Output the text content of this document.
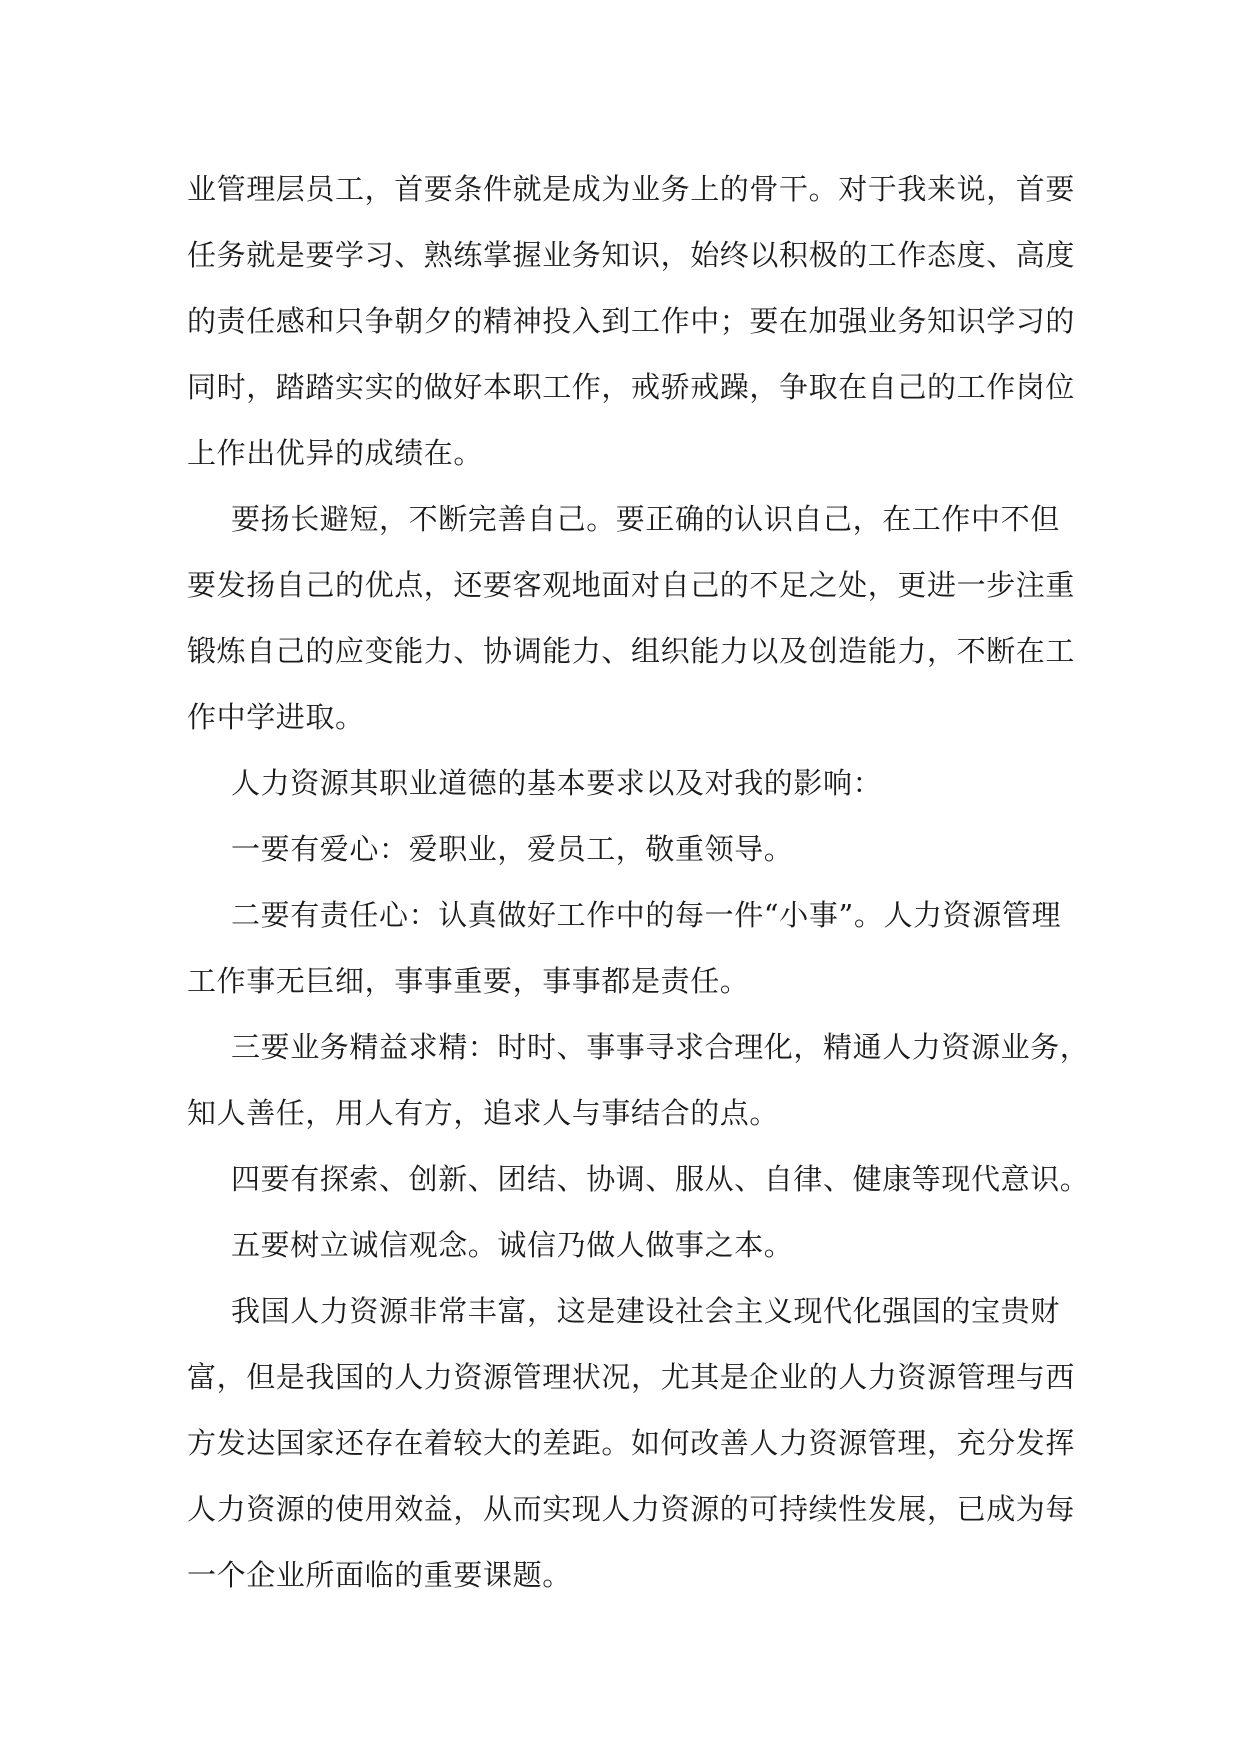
业管理层员工，首要条件就是成为业务上的骨干。对于我来说，首要
任务就是要学习、熟练掌握业务知识，始终以积极的工作态度、高度
的责任感和只争朝夕的精神投入到工作中；要在加强业务知识学习的
同时，踏踏实实的做好本职工作，戒骄戒躁，争取在自己的工作岗位
上作出优异的成绩在。
要扬长避短，不断完善自己。要正确的认识自己，在工作中不但
要发扬自己的优点，还要客观地面对自己的不足之处，更进一步注重
锻炼自己的应变能力、协调能力、组织能力以及创造能力，不断在工
作中学进取。
人力资源其职业道德的基本要求以及对我的影响：
一要有爱心：爱职业，爱员工，敬重领导。
二要有责任心：认真做好工作中的每一件“小事”。人力资源管理
工作事无巨细，事事重要，事事都是责任。
三要业务精益求精：时时、事事寻求合理化，精通人力资源业务，
知人善任，用人有方，追求人与事结合的点。
四要有探索、创新、团结、协调、服从、自律、健康等现代意识。
五要树立诚信观念。诚信乃做人做事之本。
我国人力资源非常丰富，这是建设社会主义现代化强国的宝贵财
富，但是我国的人力资源管理状况，尤其是企业的人力资源管理与西
方发达国家还存在着较大的差距。如何改善人力资源管理，充分发挥
人力资源的使用效益，从而实现人力资源的可持续性发展，已成为每
一个企业所面临的重要课题。
